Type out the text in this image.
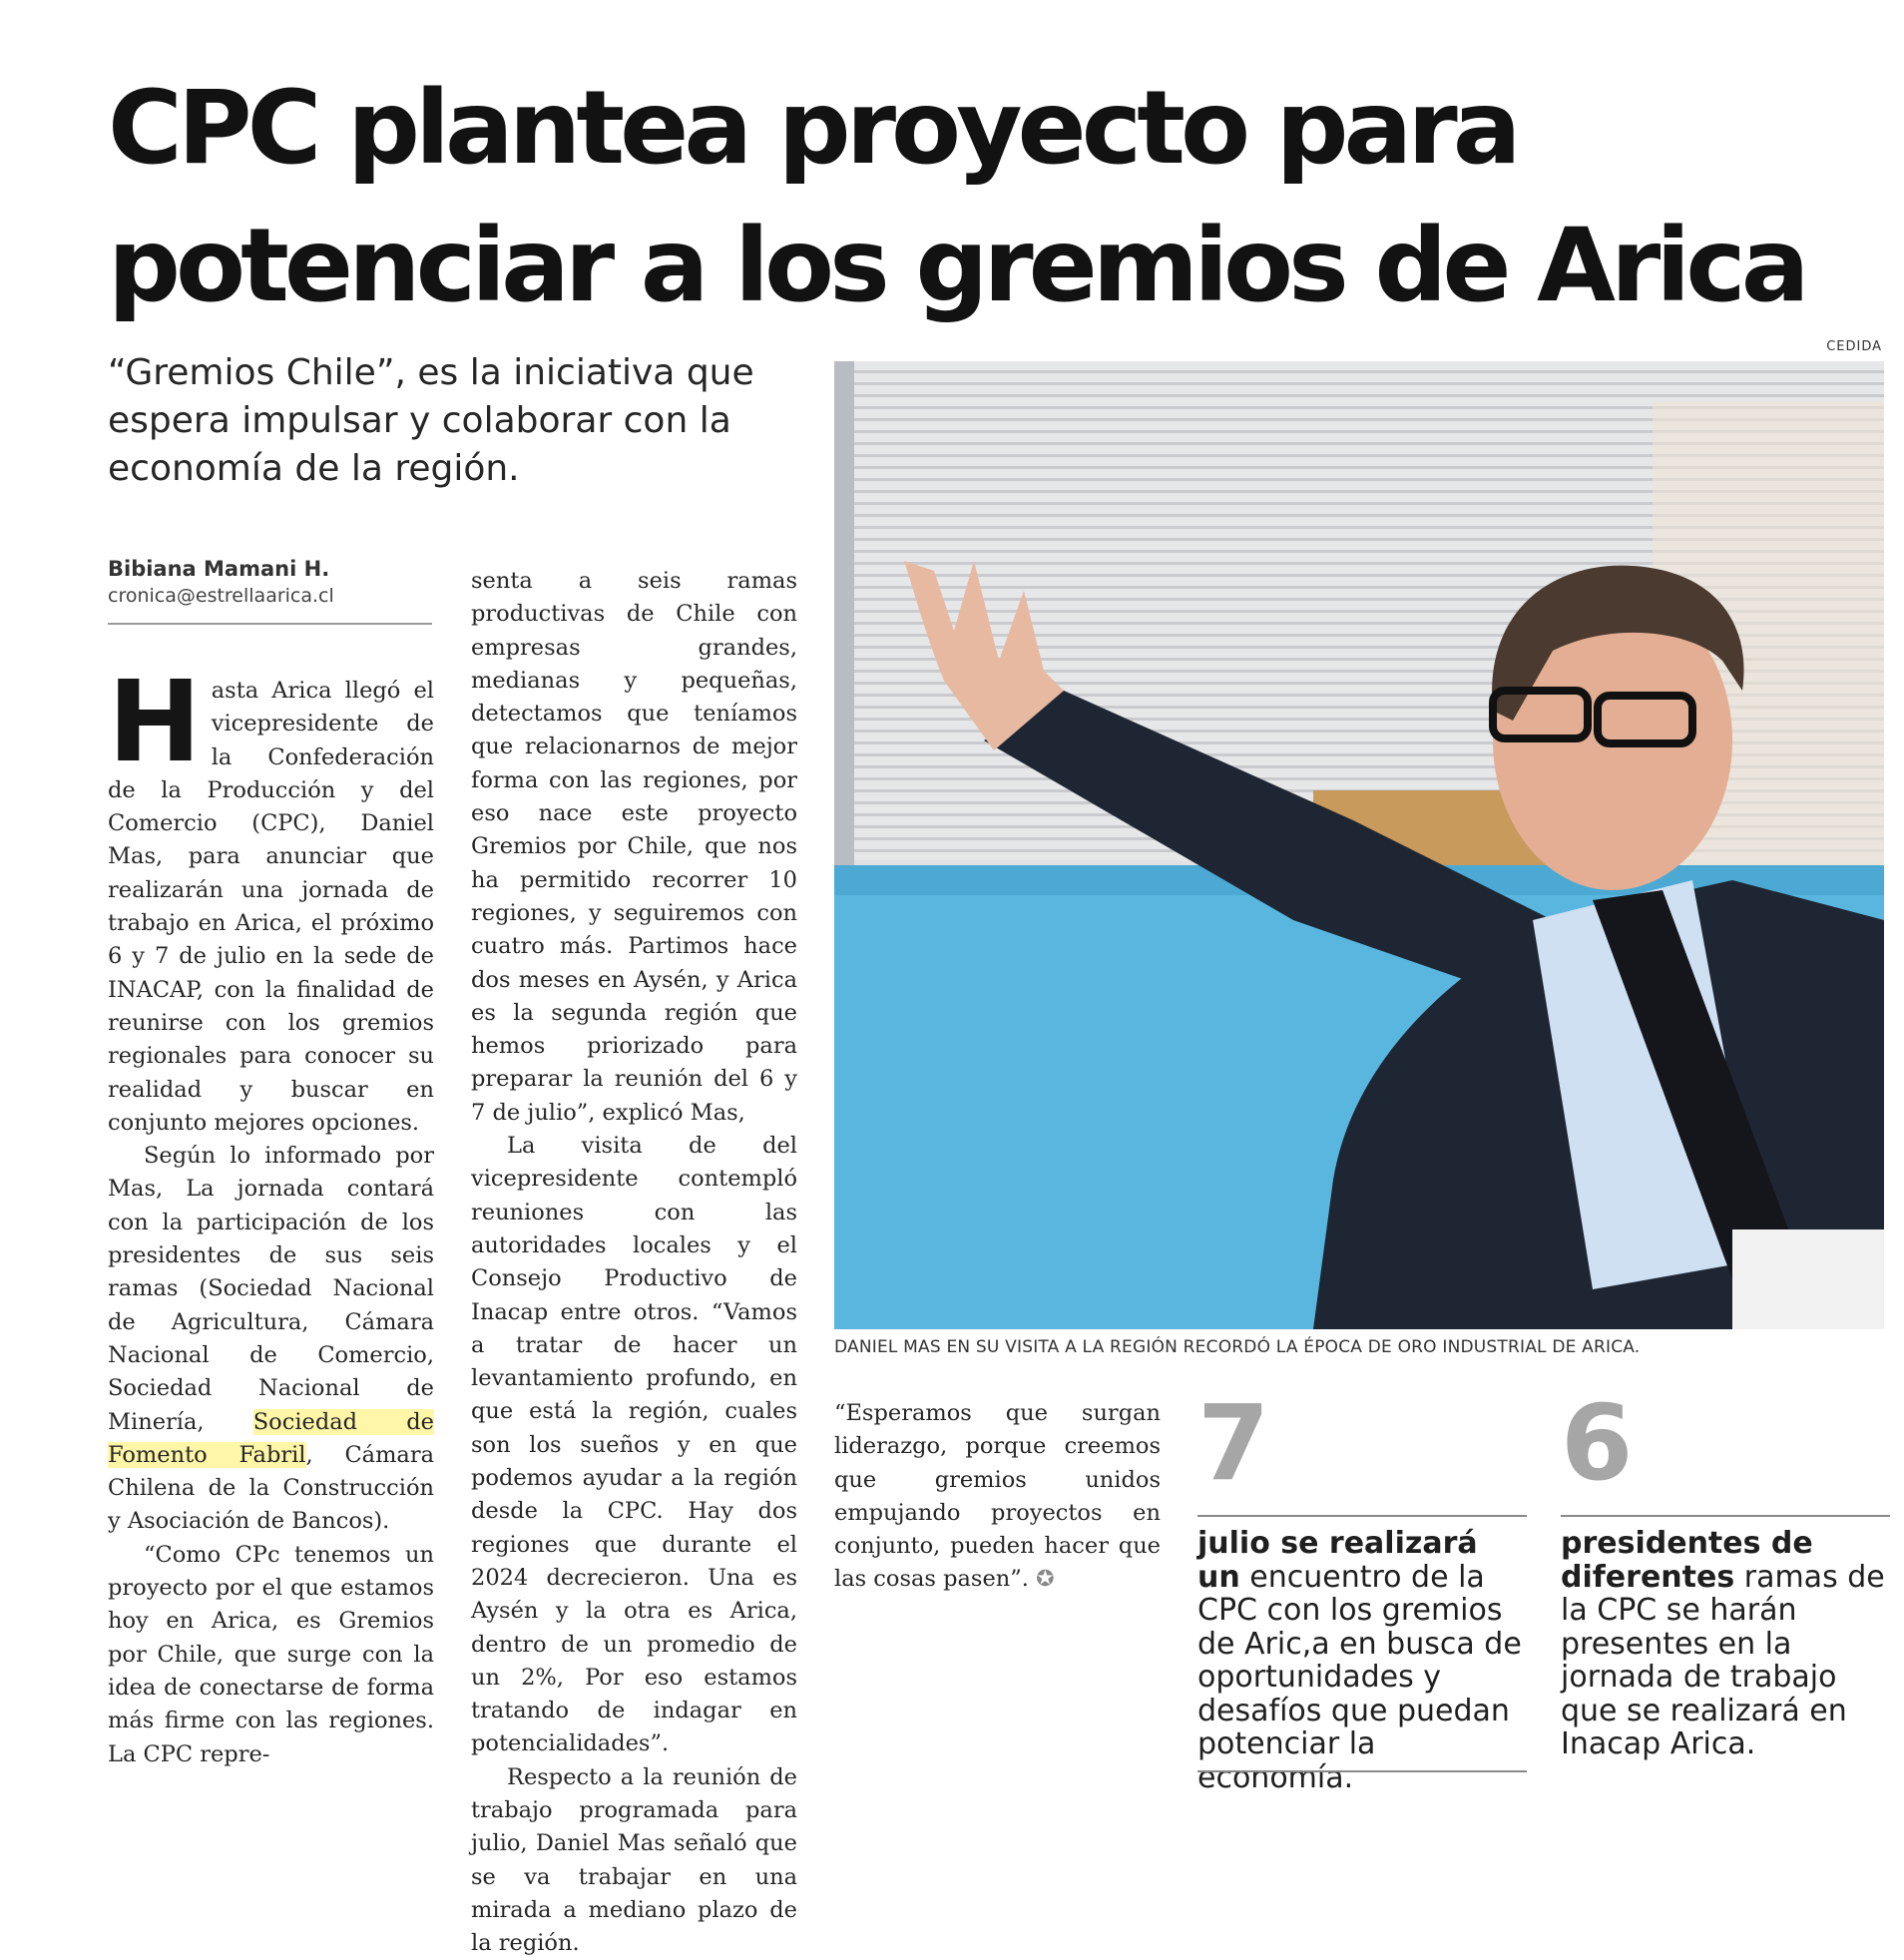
CPC plantea proyecto para potenciar a los gremios de Arica

“Gremios Chile”, es la iniciativa que espera impulsar y colaborar con la economía de la región.

Bibiana Mamani H.
cronica@estrellaarica.cl

Hasta Arica llegó el vicepresidente de la Confederación de la Producción y del Comercio (CPC), Daniel Mas, para anunciar que realizarán una jornada de trabajo en Arica, el próximo 6 y 7 de julio en la sede de INACAP, con la finalidad de reunirse con los gremios regionales para conocer su realidad y buscar en conjunto mejores opciones.

Según lo informado por Mas, La jornada contará con la participación de los presidentes de sus seis ramas (Sociedad Nacional de Agricultura, Cámara Nacional de Comercio, Sociedad Nacional de Minería, Sociedad de Fomento Fabril, Cámara Chilena de la Construcción y Asociación de Bancos).

“Como CPc tenemos un proyecto por el que estamos hoy en Arica, es Gremios por Chile, que surge con la idea de conectarse de forma más firme con las regiones. La CPC repre-

senta a seis ramas productivas de Chile con empresas grandes, medianas y pequeñas, detectamos que teníamos que relacionarnos de mejor forma con las regiones, por eso nace este proyecto Gremios por Chile, que nos ha permitido recorrer 10 regiones, y seguiremos con cuatro más. Partimos hace dos meses en Aysén, y Arica es la segunda región que hemos priorizado para preparar la reunión del 6 y 7 de julio”, explicó Mas,

La visita de del vicepresidente contempló reuniones con las autoridades locales y el Consejo Productivo de Inacap entre otros. “Vamos a tratar de hacer un levantamiento profundo, en que está la región, cuales son los sueños y en que podemos ayudar a la región desde la CPC. Hay dos regiones que durante el 2024 decrecieron. Una es Aysén y la otra es Arica, dentro de un promedio de un 2%, Por eso estamos tratando de indagar en potencialidades”.

Respecto a la reunión de trabajo programada para julio, Daniel Mas señaló que se va trabajar en una mirada a mediano plazo de la región.

“Esperamos que surgan liderazgo, porque creemos que gremios unidos empujando proyectos en conjunto, pueden hacer que las cosas pasen”. ✪

CEDIDA
DANIEL MAS EN SU VISITA A LA REGIÓN RECORDÓ LA ÉPOCA DE ORO INDUSTRIAL DE ARICA.
7
julio se realizará un encuentro de la CPC con los gremios de Aric,a en busca de oportunidades y desafíos que puedan potenciar la economía.
6
presidentes de diferentes ramas de la CPC se harán presentes en la jornada de trabajo que se realizará en Inacap Arica.
